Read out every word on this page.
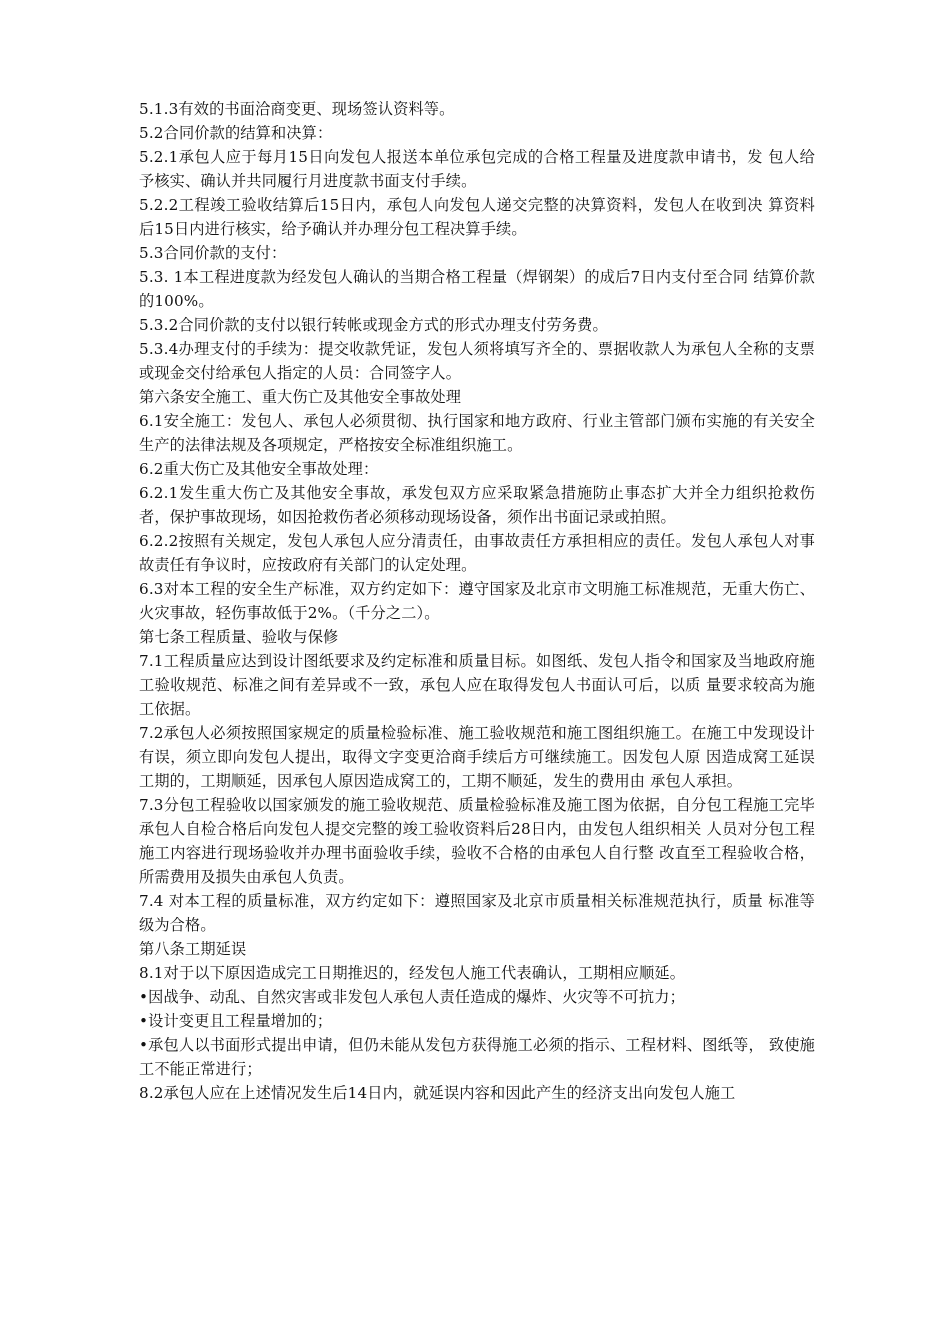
5.1.3有效的书面洽商变更、现场签认资料等。

5.2合同价款的结算和决算：

5.2.1承包人应于每月15日向发包人报送本单位承包完成的合格工程量及进度款申请书，发 包人给予核实、确认并共同履行月进度款书面支付手续。

5.2.2工程竣工验收结算后15日内，承包人向发包人递交完整的决算资料，发包人在收到决 算资料后15日内进行核实，给予确认并办理分包工程决算手续。

5.3合同价款的支付：

5.3. 1本工程进度款为经发包人确认的当期合格工程量（焊钢架）的成后7日内支付至合同 结算价款的100%。

5.3.2合同价款的支付以银行转帐或现金方式的形式办理支付劳务费。

5.3.4办理支付的手续为：提交收款凭证，发包人须将填写齐全的、票据收款人为承包人全称的支票或现金交付给承包人指定的人员：合同签字人。

第六条安全施工、重大伤亡及其他安全事故处理

6.1安全施工：发包人、承包人必须贯彻、执行国家和地方政府、行业主管部门颁布实施的有关安全生产的法律法规及各项规定，严格按安全标准组织施工。

6.2重大伤亡及其他安全事故处理：

6.2.1发生重大伤亡及其他安全事故，承发包双方应采取紧急措施防止事态扩大并全力组织抢救伤者，保护事故现场，如因抢救伤者必须移动现场设备，须作出书面记录或拍照。

6.2.2按照有关规定，发包人承包人应分清责任，由事故责任方承担相应的责任。发包人承包人对事故责任有争议时，应按政府有关部门的认定处理。

6.3对本工程的安全生产标准，双方约定如下：遵守国家及北京市文明施工标准规范，无重大伤亡、火灾事故，轻伤事故低于2%。（千分之二）。

第七条工程质量、验收与保修

7.1工程质量应达到设计图纸要求及约定标准和质量目标。如图纸、发包人指令和国家及当地政府施工验收规范、标准之间有差异或不一致，承包人应在取得发包人书面认可后，以质 量要求较高为施工依据。

7.2承包人必须按照国家规定的质量检验标准、施工验收规范和施工图组织施工。在施工中发现设计有误，须立即向发包人提出，取得文字变更洽商手续后方可继续施工。因发包人原 因造成窝工延误工期的，工期顺延，因承包人原因造成窝工的，工期不顺延，发生的费用由 承包人承担。

7.3分包工程验收以国家颁发的施工验收规范、质量检验标准及施工图为依据，自分包工程施工完毕承包人自检合格后向发包人提交完整的竣工验收资料后28日内，由发包人组织相关 人员对分包工程施工内容进行现场验收并办理书面验收手续，验收不合格的由承包人自行整 改直至工程验收合格，所需费用及损失由承包人负责。

7.4 对本工程的质量标准，双方约定如下：遵照国家及北京市质量相关标准规范执行，质量 标准等级为合格。

第八条工期延误

8.1对于以下原因造成完工日期推迟的，经发包人施工代表确认，工期相应顺延。

•因战争、动乱、自然灾害或非发包人承包人责任造成的爆炸、火灾等不可抗力；

•设计变更且工程量增加的；

•承包人以书面形式提出申请，但仍未能从发包方获得施工必须的指示、工程材料、图纸等， 致使施工不能正常进行；

8.2承包人应在上述情况发生后14日内，就延误内容和因此产生的经济支出向发包人施工
